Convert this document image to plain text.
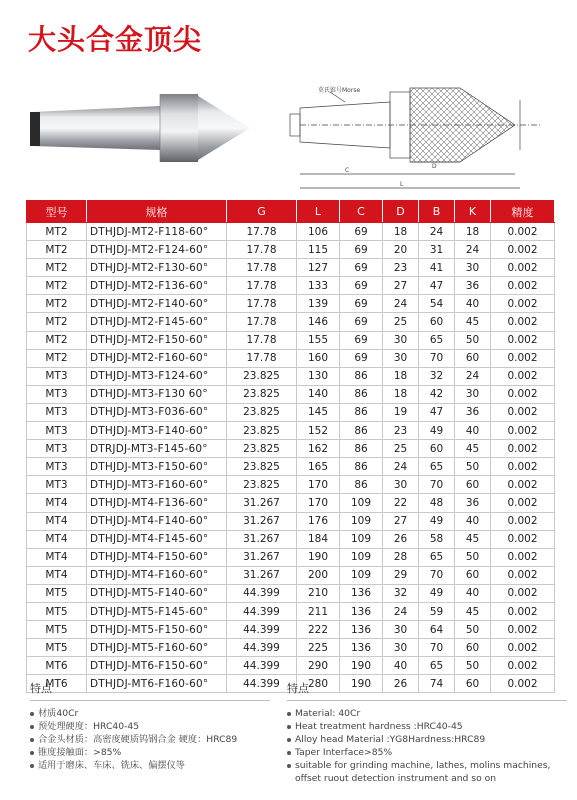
大头合金顶尖
莫氏锥号Morse
D
C
L
型号	规格	G	L	C	D	B	K	精度
MT2	DTHJDJ-MT2-F118-60°	17.78	106	69	18	24	18	0.002
MT2	DTHJDJ-MT2-F124-60°	17.78	115	69	20	31	24	0.002
MT2	DTHJDJ-MT2-F130-60°	17.78	127	69	23	41	30	0.002
MT2	DTHJDJ-MT2-F136-60°	17.78	133	69	27	47	36	0.002
MT2	DTHJDJ-MT2-F140-60°	17.78	139	69	24	54	40	0.002
MT2	DTHJDJ-MT2-F145-60°	17.78	146	69	25	60	45	0.002
MT2	DTHJDJ-MT2-F150-60°	17.78	155	69	30	65	50	0.002
MT2	DTHJDJ-MT2-F160-60°	17.78	160	69	30	70	60	0.002
MT3	DTHJDJ-MT3-F124-60°	23.825	130	86	18	32	24	0.002
MT3	DTHJDJ-MT3-F130 60°	23.825	140	86	18	42	30	0.002
MT3	DTHJDJ-MT3-F036-60°	23.825	145	86	19	47	36	0.002
MT3	DTHJDJ-MT3-F140-60°	23.825	152	86	23	49	40	0.002
MT3	DTRJDJ-MT3-F145-60°	23.825	162	86	25	60	45	0.002
MT3	DTHJDJ-MT3-F150-60°	23.825	165	86	24	65	50	0.002
MT3	DTHJDJ-MT3-F160-60°	23.825	170	86	30	70	60	0.002
MT4	DTHJDJ-MT4-F136-60°	31.267	170	109	22	48	36	0.002
MT4	DTHJDJ-MT4-F140-60°	31.267	176	109	27	49	40	0.002
MT4	DTHJDJ-MT4-F145-60°	31.267	184	109	26	58	45	0.002
MT4	DTHJDJ-MT4-F150-60°	31.267	190	109	28	65	50	0.002
MT4	DTHJDJ-MT4-F160-60°	31.267	200	109	29	70	60	0.002
MT5	DTHJDJ-MT5-F140-60°	44.399	210	136	32	49	40	0.002
MT5	DTHJDJ-MT5-F145-60°	44.399	211	136	24	59	45	0.002
MT5	DTHJDJ-MT5-F150-60°	44.399	222	136	30	64	50	0.002
MT5	DTHJDJ-MT5-F160-60°	44.399	225	136	30	70	60	0.002
MT6	DTHJDJ-MT6-F150-60°	44.399	290	190	40	65	50	0.002
MT6	DTHJDJ-MT6-F160-60°	44.399	280	190	26	74	60	0.002
特点
材质40Cr
预处理硬度：HRC40-45
合金头材质：高密度硬质钨钢合金 硬度：HRC89
锥度接触面：>85%
适用于磨床、车床、铣床、偏摆仪等
特点
Material: 40Cr
Heat treatment hardness :HRC40-45
Alloy head Material :YG8Hardness:HRC89
Taper Interface>85%
suitable for grinding machine, lathes, molins machines,
offset ruout detection instrument and so on
